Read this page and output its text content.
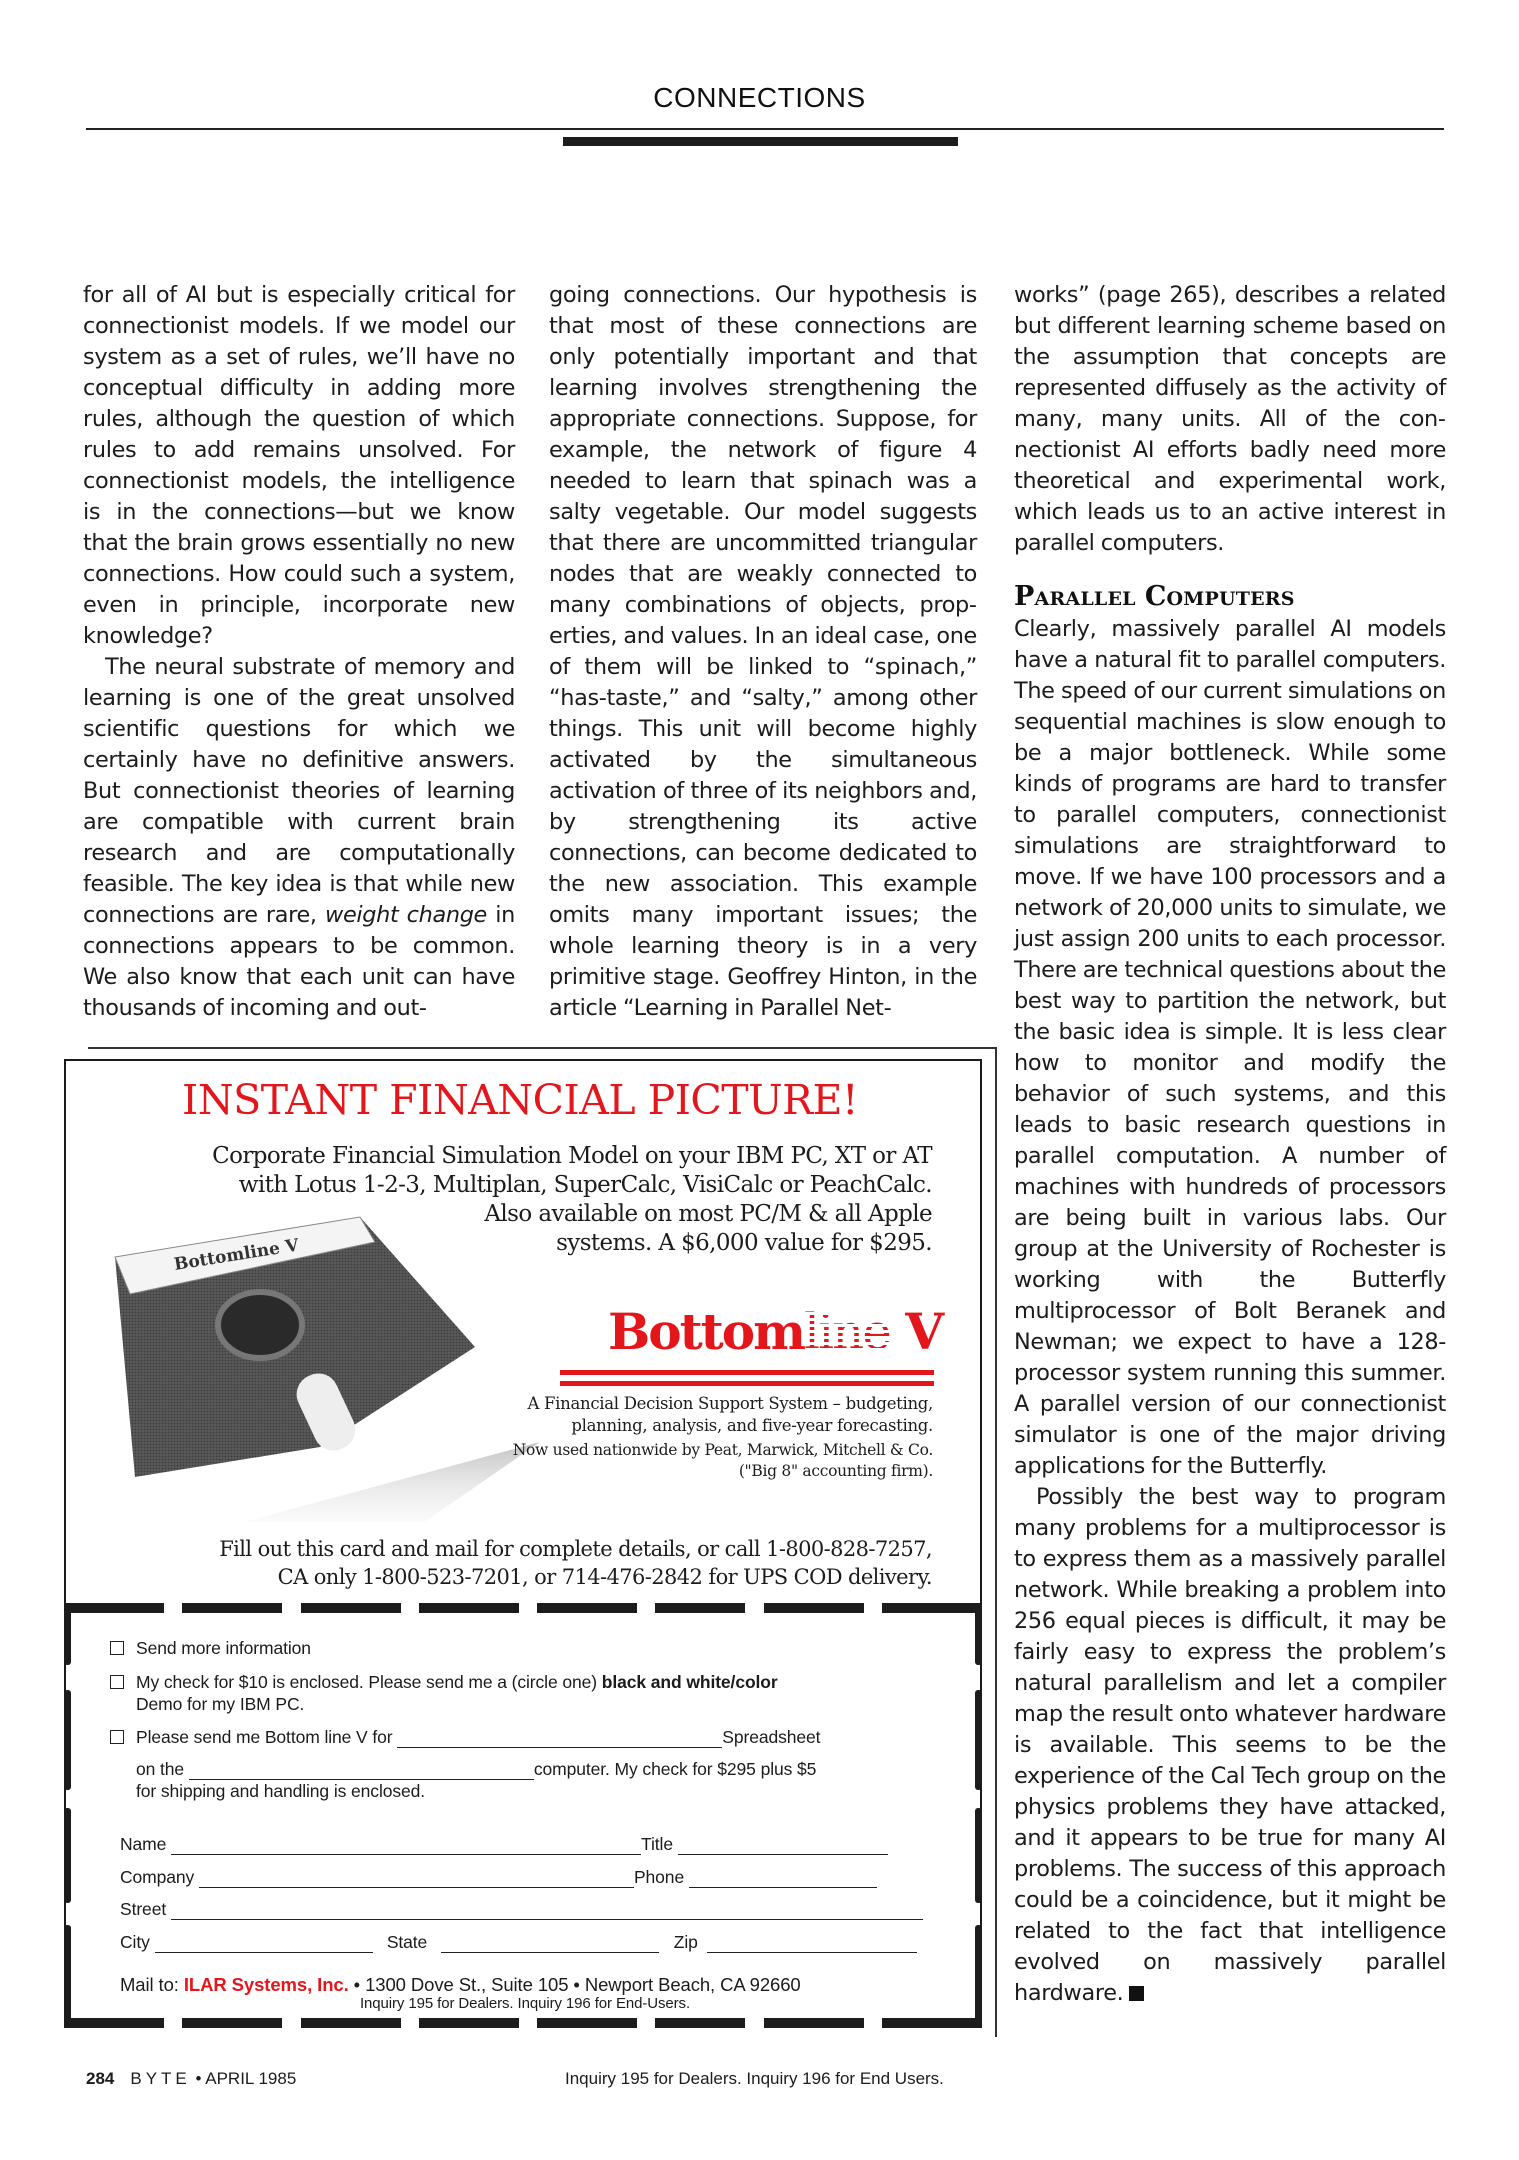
CONNECTIONS

for all of AI but is especially critical for connectionist models. If we model our system as a set of rules, we’ll have no conceptual difficulty in adding more rules, although the question of which rules to add remains unsolved. For connectionist models, the intelligence is in the connections—but we know that the brain grows essentially no new connections. How could such a system, even in principle, incorporate new knowledge?

The neural substrate of memory and learning is one of the great unsolved scientific questions for which we certainly have no definitive answers. But connectionist theories of learning are compatible with current brain research and are computationally feasible. The key idea is that while new connections are rare, weight change in connections appears to be common. We also know that each unit can have thousands of incoming and out-

going connections. Our hypothesis is that most of these connections are only potentially important and that learning involves strengthening the appropriate connections. Suppose, for example, the network of figure 4 needed to learn that spinach was a salty vegetable. Our model suggests that there are uncommitted triangular nodes that are weakly connected to many combinations of objects, properties, and values. In an ideal case, one of them will be linked to “spinach,” “has-taste,” and “salty,” among other things. This unit will become highly activated by the simultaneous activation of three of its neighbors and, by strengthening its active connections, can become dedicated to the new association. This example omits many important issues; the whole learning theory is in a very primitive stage. Geoffrey Hinton, in the article “Learning in Parallel Net-

works” (page 265), describes a related but different learning scheme based on the assumption that concepts are represented diffusely as the activity of many, many units. All of the connectionist AI efforts badly need more theoretical and experimental work, which leads us to an active interest in parallel computers.

Parallel Computers

Clearly, massively parallel AI models have a natural fit to parallel computers. The speed of our current simulations on sequential machines is slow enough to be a major bottleneck. While some kinds of programs are hard to transfer to parallel computers, connectionist simulations are straightforward to move. If we have 100 processors and a network of 20,000 units to simulate, we just assign 200 units to each processor. There are technical questions about the best way to partition the network, but the basic idea is simple. It is less clear how to monitor and modify the behavior of such systems, and this leads to basic research questions in parallel computation. A number of machines with hundreds of processors are being built in various labs. Our group at the University of Rochester is working with the Butterfly multiprocessor of Bolt Beranek and Newman; we expect to have a 128-processor system running this summer. A parallel version of our connectionist simulator is one of the major driving applications for the Butterfly.

Possibly the best way to program many problems for a multiprocessor is to express them as a massively parallel network. While breaking a problem into 256 equal pieces is difficult, it may be fairly easy to express the problem’s natural parallelism and let a compiler map the result onto whatever hardware is available. This seems to be the experience of the Cal Tech group on the physics problems they have attacked, and it appears to be true for many AI problems. The success of this approach could be a coincidence, but it might be related to the fact that intelligence evolved on massively parallel hardware.

INSTANT FINANCIAL PICTURE!
Corporate Financial Simulation Model on your IBM PC, XT or AT
with Lotus 1-2-3, Multiplan, SuperCalc, VisiCalc or PeachCalc.
Also available on most PC/M & all Apple
systems. A $6,000 value for $295.
Bottomline V
Bottomline V
A Financial Decision Support System – budgeting,
planning, analysis, and five-year forecasting.
Now used nationwide by Peat, Marwick, Mitchell & Co.
("Big 8" accounting firm).
Fill out this card and mail for complete details, or call 1-800-828-7257,
CA only 1-800-523-7201, or 714-476-2842 for UPS COD delivery.
Send more information
My check for $10 is enclosed. Please send me a (circle one) black and white/color
Demo for my IBM PC.
Please send me Bottom line V for	Spreadsheet
on the	computer. My check for $295 plus $5
for shipping and handling is enclosed.
Name	Title
Company	Phone
Street
City	State	Zip
Mail to: ILAR Systems, Inc. • 1300 Dove St., Suite 105 • Newport Beach, CA 92660
Inquiry 195 for Dealers. Inquiry 196 for End-Users.
284 BYTE • APRIL 1985	Inquiry 195 for Dealers. Inquiry 196 for End Users.
